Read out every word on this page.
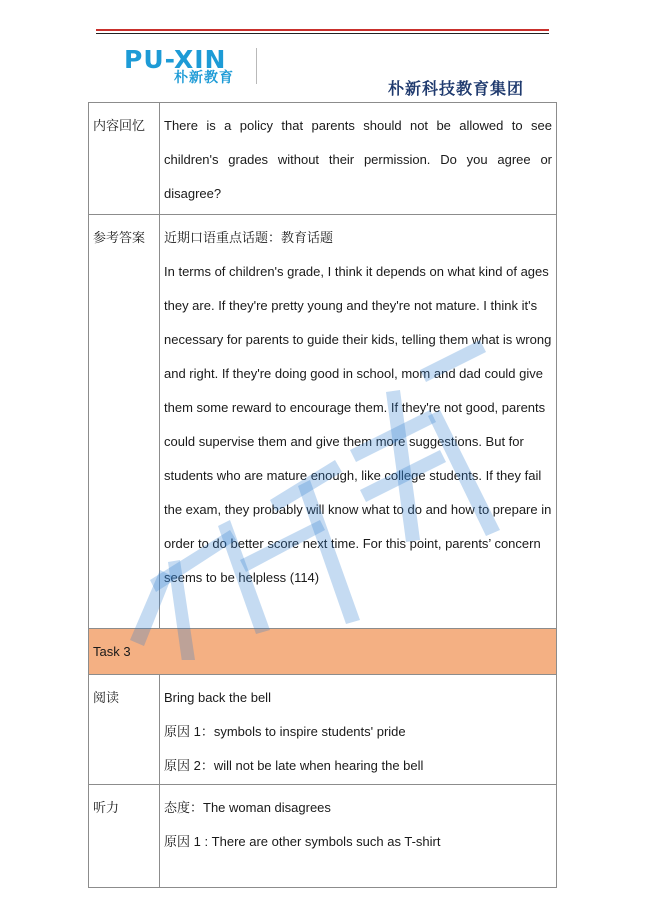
PU-XIN
朴新教育
朴新科技教育集团
内容回忆	There is a policy that parents should not be allowed to see children's grades without their permission. Do you agree or disagree?
参考答案	近期口语重点话题：教育话题
In terms of children's grade, I think it depends on what kind of ages they are. If they're pretty young and they're not mature. I think it's necessary for parents to guide their kids, telling them what is wrong and right. If they're doing good in school, mom and dad could give them some reward to encourage them. If they're not good, parents could supervise them and give them more suggestions. But for students who are mature enough, like college students. If they fail the exam, they probably will know what to do and how to prepare in order to do better score next time. For this point, parents’ concern seems to be helpless (114)

Task 3	
阅读	Bring back the bell
原因 1：symbols to inspire students' pride
原因 2：will not be late when hearing the bell

听力	态度：The woman disagrees
原因 1 : There are other symbols such as T-shirt
